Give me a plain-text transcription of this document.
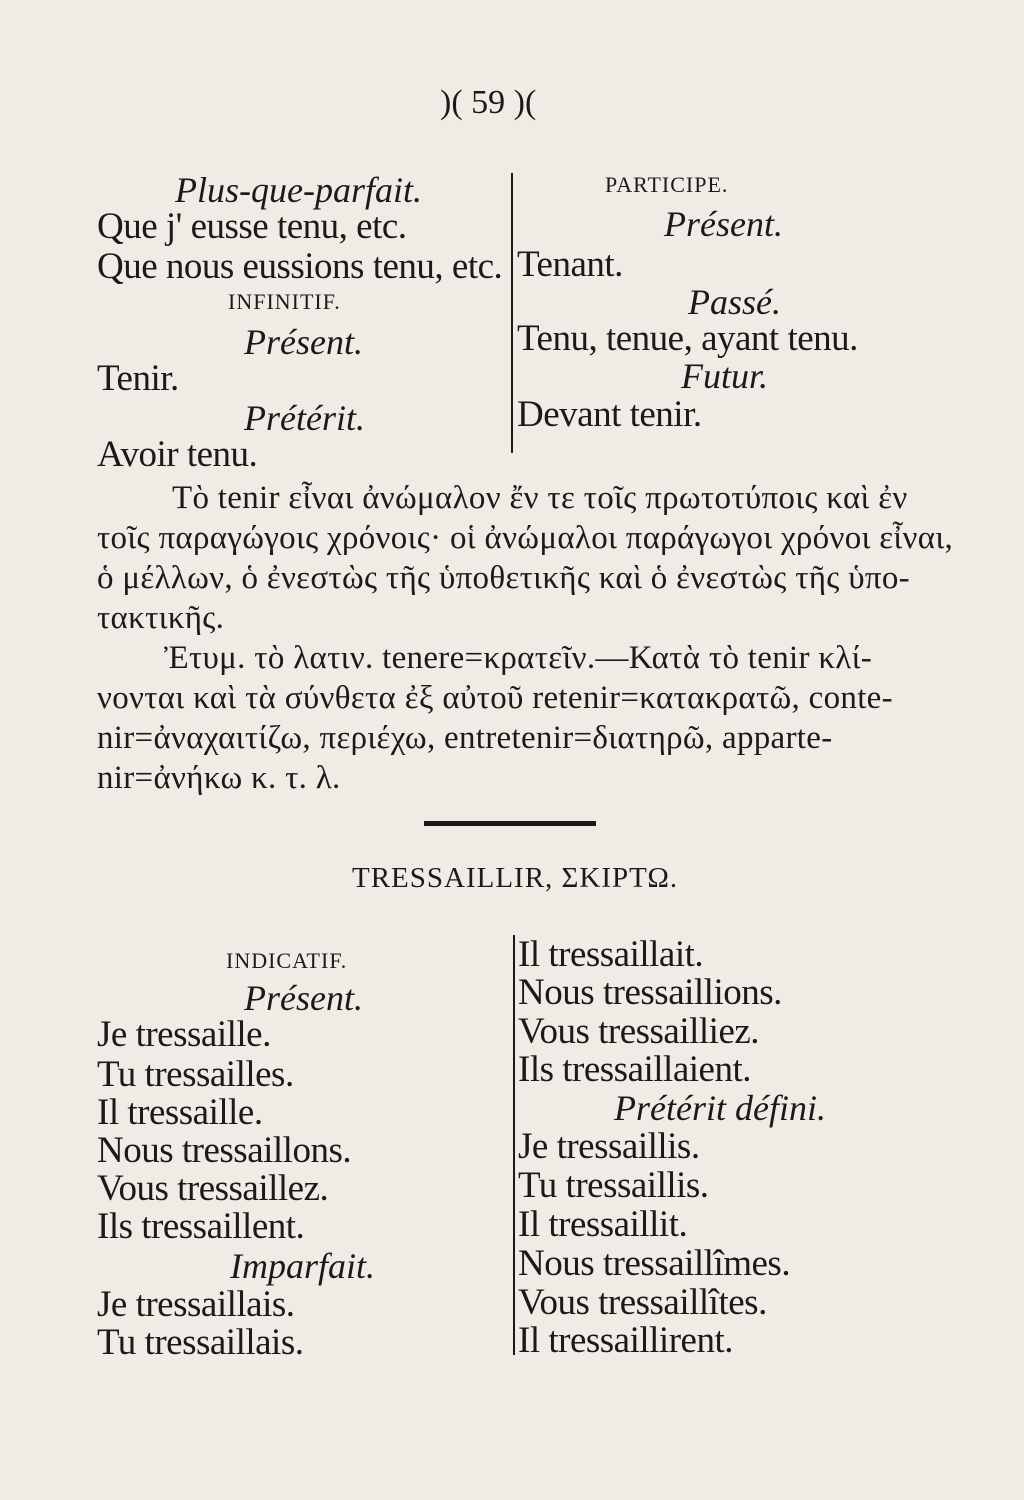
)( 59 )(
Plus-que-parfait.
Que j' eusse tenu, etc.
Que nous eussions tenu, etc.
INFINITIF.
Présent.
Tenir.
Prétérit.
Avoir tenu.
PARTICIPE.
Présent.
Tenant.
Passé.
Tenu, tenue, ayant tenu.
Futur.
Devant tenir.
Τὸ tenir εἶναι ἀνώμαλον ἔν τε τοῖς πρωτοτύποις καὶ ἐν
τοῖς παραγώγοις χρόνοις· οἱ ἀνώμαλοι παράγωγοι χρόνοι εἶναι,
ὁ μέλλων, ὁ ἐνεστὼς τῆς ὑποθετικῆς καὶ ὁ ἐνεστὼς τῆς ὑπο-
τακτικῆς.
Ἐτυμ. τὸ λατιν. tenere=κρατεῖν.—Κατὰ τὸ tenir κλί-
νονται καὶ τὰ σύνθετα ἐξ αὐτοῦ retenir=κατακρατῶ, conte-
nir=ἀναχαιτίζω, περιέχω, entretenir=διατηρῶ, apparte-
nir=ἀνήκω κ. τ. λ.
TRESSAILLIR, ΣΚΙΡΤΩ.
INDICATIF.
Présent.
Je tressaille.
Tu tressailles.
Il tressaille.
Nous tressaillons.
Vous tressaillez.
Ils tressaillent.
Imparfait.
Je tressaillais.
Tu tressaillais.
Il tressaillait.
Nous tressaillions.
Vous tressailliez.
Ils tressaillaient.
Prétérit défini.
Je tressaillis.
Tu tressaillis.
Il tressaillit.
Nous tressaillîmes.
Vous tressaillîtes.
Il tressaillirent.
